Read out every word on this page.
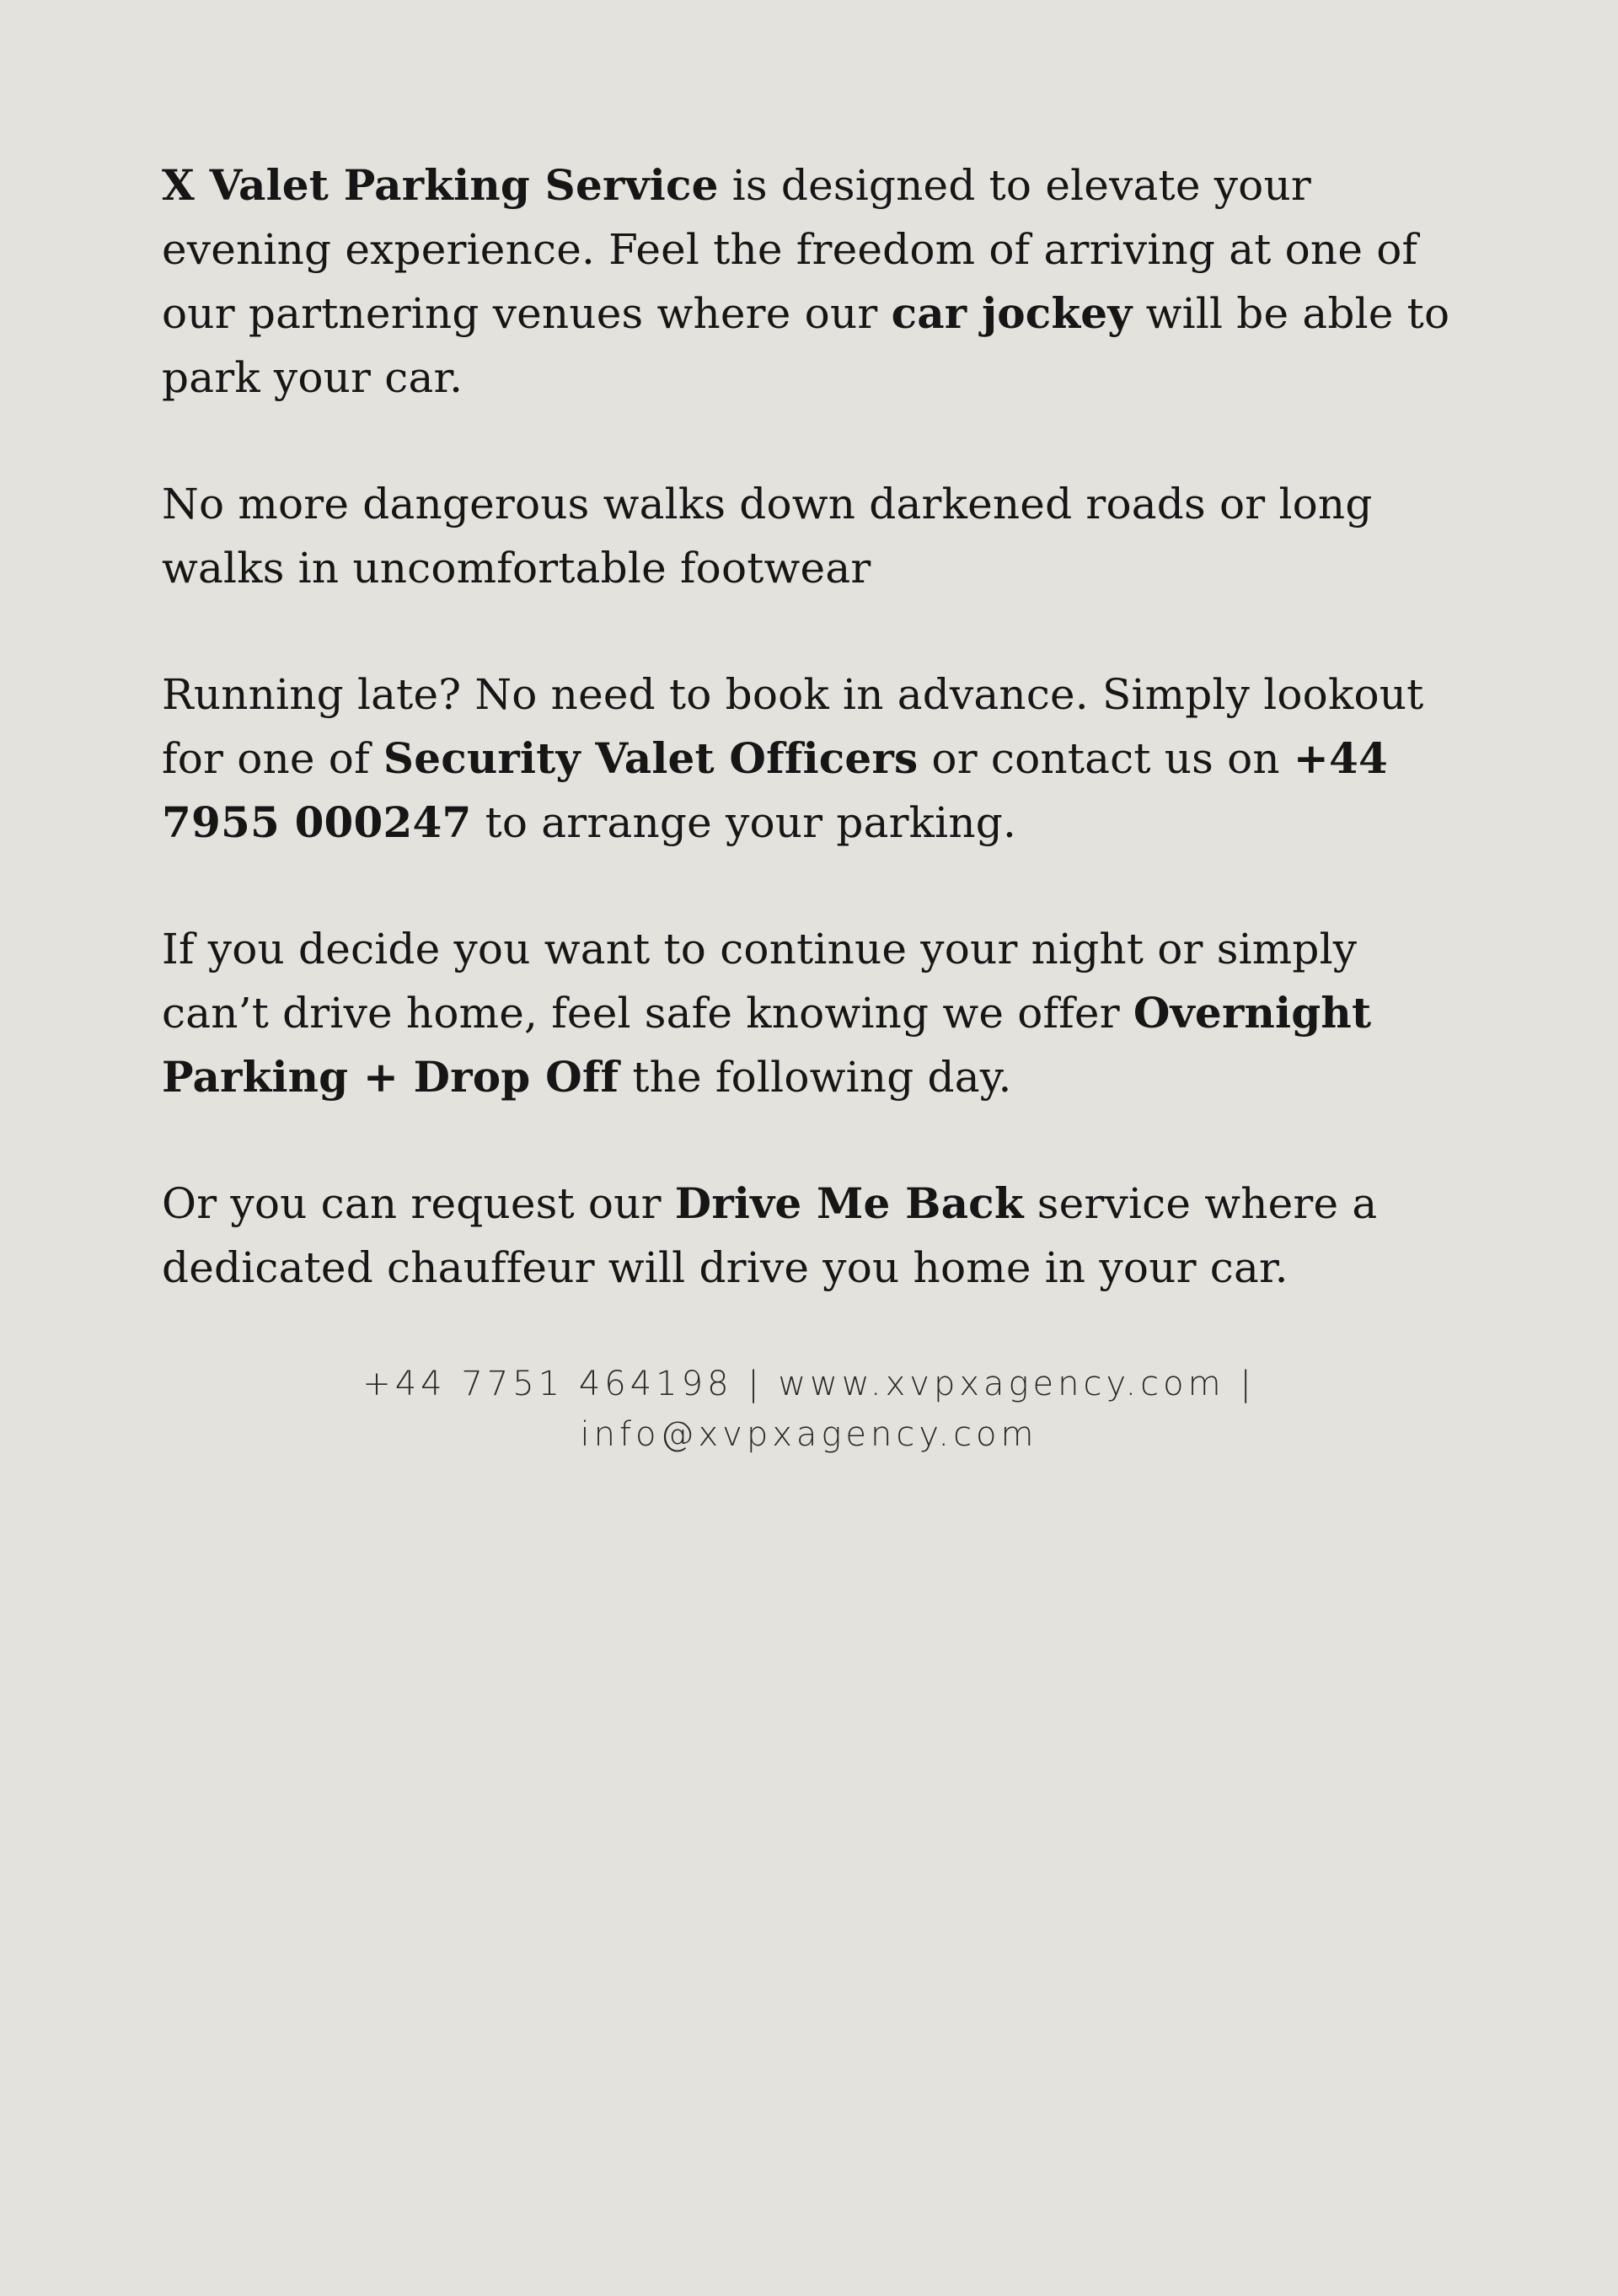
X Valet Parking Service is designed to elevate your evening experience. Feel the freedom of arriving at one of our partnering venues where our car jockey will be able to park your car.

No more dangerous walks down darkened roads or long walks in uncomfortable footwear

Running late? No need to book in advance. Simply lookout for one of Security Valet Officers or contact us on +44 7955 000247 to arrange your parking.

If you decide you want to continue your night or simply can’t drive home, feel safe knowing we offer Overnight Parking + Drop Off the following day.

Or you can request our Drive Me Back service where a dedicated chauffeur will drive you home in your car.

+44 7751 464198 | www.xvpxagency.com |
info@xvpxagency.com
